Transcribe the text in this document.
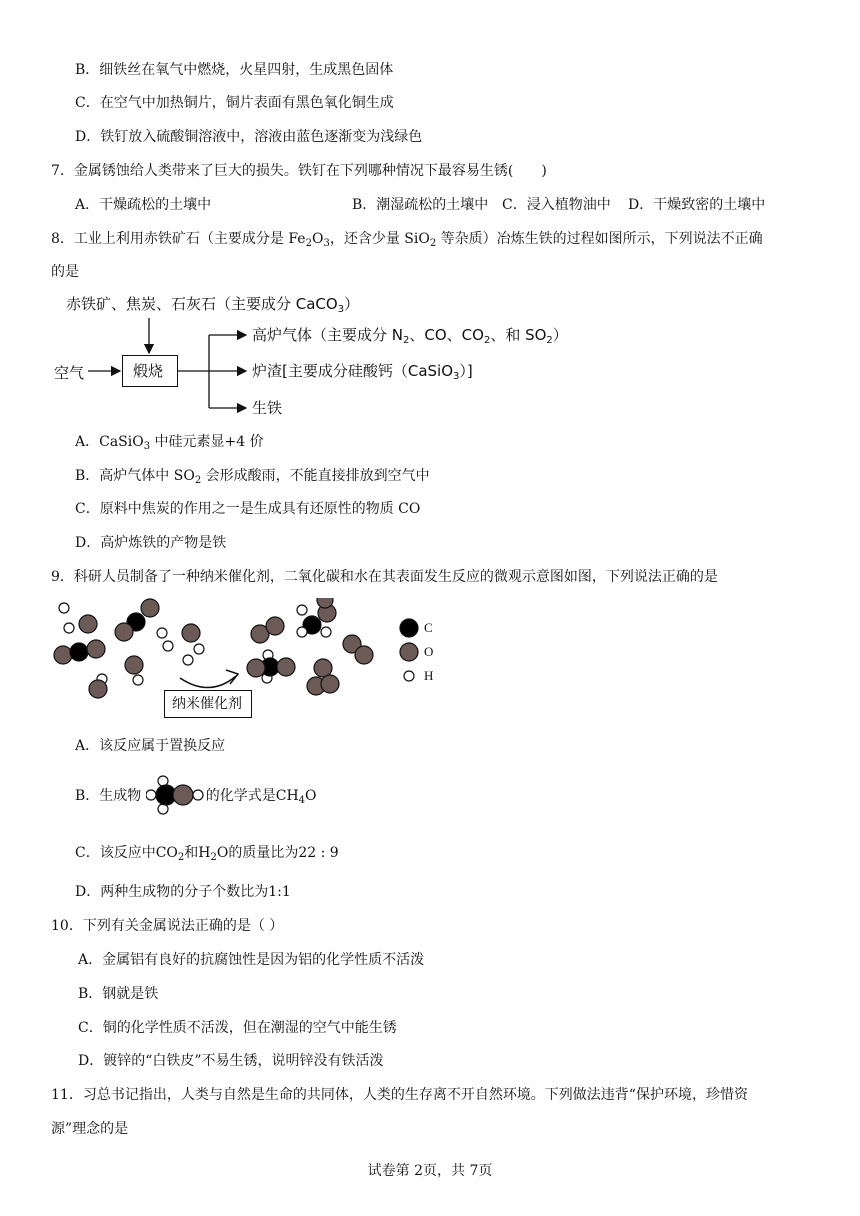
B．细铁丝在氧气中燃烧，火星四射，生成黑色固体
C．在空气中加热铜片，铜片表面有黑色氧化铜生成
D．铁钉放入硫酸铜溶液中，溶液由蓝色逐渐变为浅绿色
7．金属锈蚀给人类带来了巨大的损失。铁钉在下列哪种情况下最容易生锈(　　)
A．干燥疏松的土壤中	B．潮湿疏松的土壤中 C．浸入植物油中 D．干燥致密的土壤中
8．工业上利用赤铁矿石（主要成分是 $Fe_2O_3$，还含少量 SiO$_2$ 等杂质）冶炼生铁的过程如图所示，下列说法不正确
的是
赤铁矿、焦炭、石灰石（主要成分 CaCO$_3$）
空气	煅烧
高炉气体（主要成分 $N_2$、CO、$CO_2$、和 $SO_2$）
炉渣[主要成分硅酸钙（CaSiO$_3$）]
生铁
A．CaSiO$_3$ 中硅元素显+4 价
B．高炉气体中 $SO_2$ 会形成酸雨，不能直接排放到空气中
C．原料中焦炭的作用之一是生成具有还原性的物质 CO
D．高炉炼铁的产物是铁
9．科研人员制备了一种纳米催化剂，二氧化碳和水在其表面发生反应的微观示意图如图，下列说法正确的是
纳米催化剂
C
O
H
A．该反应属于置换反应
B．生成物	的化学式是$CH_4O$
C．该反应中$CO_2$和$H_2O$的质量比为22 : 9
D．两种生成物的分子个数比为1:1
10．下列有关金属说法正确的是（ ）
A．金属铝有良好的抗腐蚀性是因为铝的化学性质不活泼
B．钢就是铁
C．铜的化学性质不活泼，但在潮湿的空气中能生锈
D．镀锌的“白铁皮”不易生锈，说明锌没有铁活泼
11．习总书记指出，人类与自然是生命的共同体，人类的生存离不开自然环境。下列做法违背“保护环境，珍惜资
源”理念的是
试卷第 2页，共 7页
